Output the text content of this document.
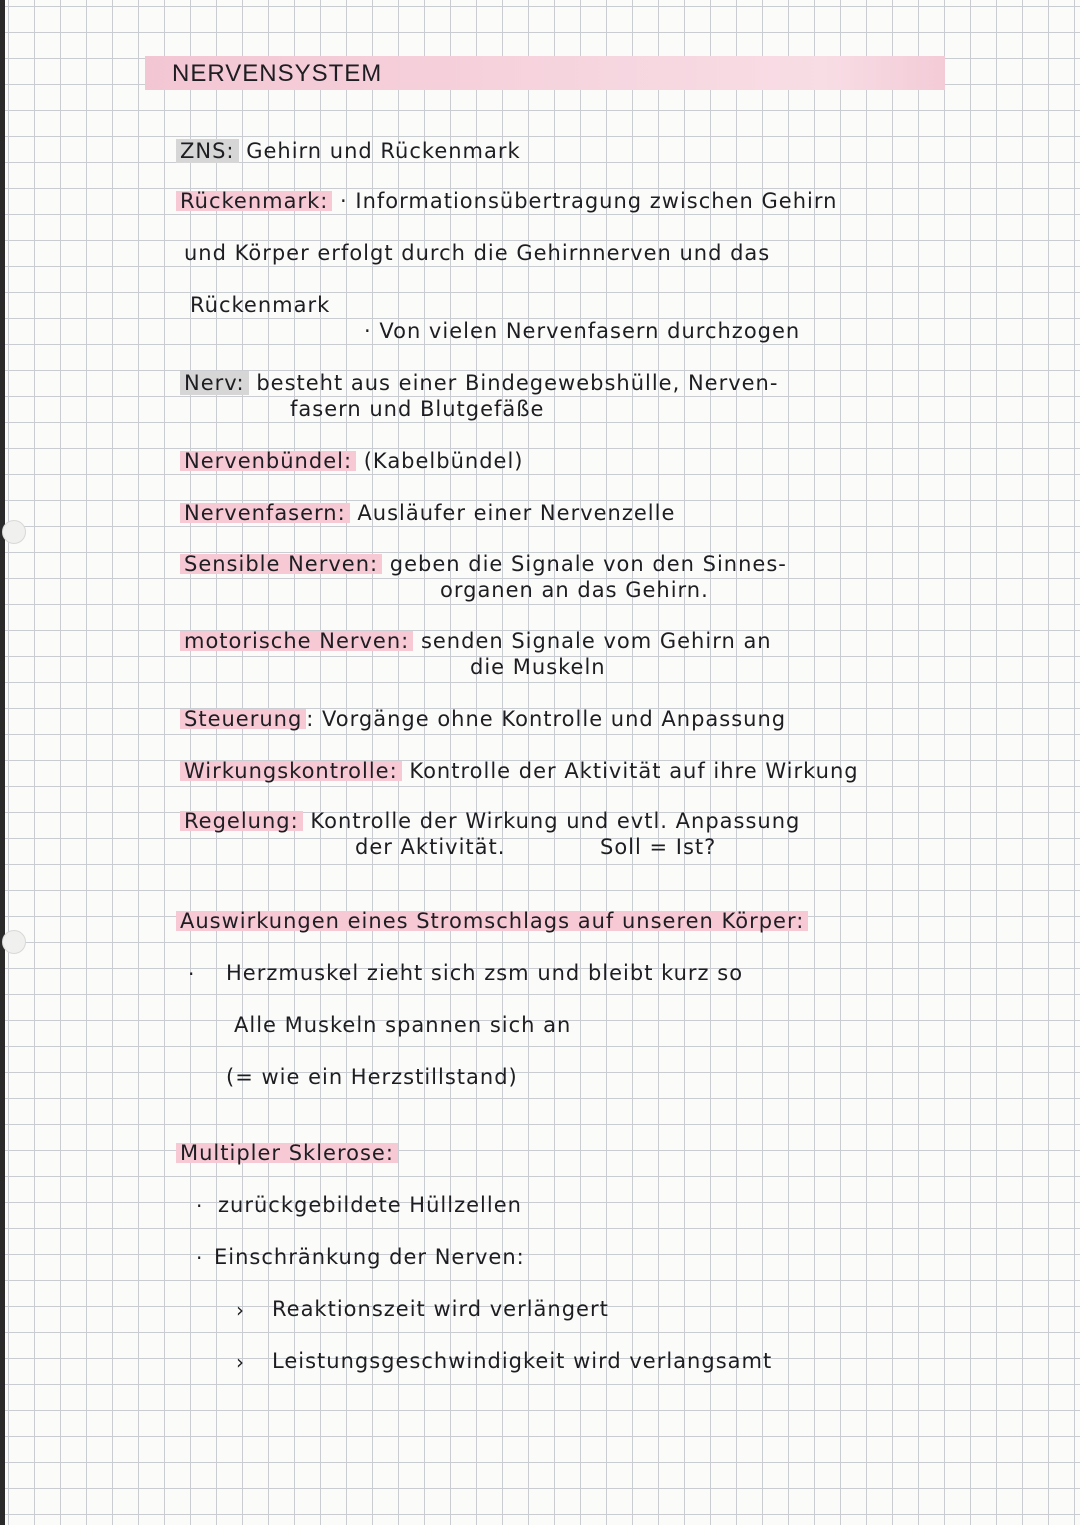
NERVENSYSTEM
ZNS: Gehirn und Rückenmark
Rückenmark: · Informationsübertragung zwischen Gehirn
und Körper erfolgt durch die Gehirnnerven und das
Rückenmark
· Von vielen Nervenfasern durchzogen
Nerv: besteht aus einer Bindegewebshülle, Nerven-
fasern und Blutgefäße
Nervenbündel: (Kabelbündel)
Nervenfasern: Ausläufer einer Nervenzelle
Sensible Nerven: geben die Signale von den Sinnes-
organen an das Gehirn.
motorische Nerven: senden Signale vom Gehirn an
die Muskeln
Steuerung : Vorgänge ohne Kontrolle und Anpassung
Wirkungskontrolle: Kontrolle der Aktivität auf ihre Wirkung
Regelung: Kontrolle der Wirkung und evtl. Anpassung
der Aktivität.	Soll = Ist?
Auswirkungen eines Stromschlags auf unseren Körper:
· Herzmuskel zieht sich zsm und bleibt kurz so
Alle Muskeln spannen sich an
(= wie ein Herzstillstand)
Multipler Sklerose:
· zurückgebildete Hüllzellen
· Einschränkung der Nerven:
› Reaktionszeit wird verlängert
› Leistungsgeschwindigkeit wird verlangsamt
